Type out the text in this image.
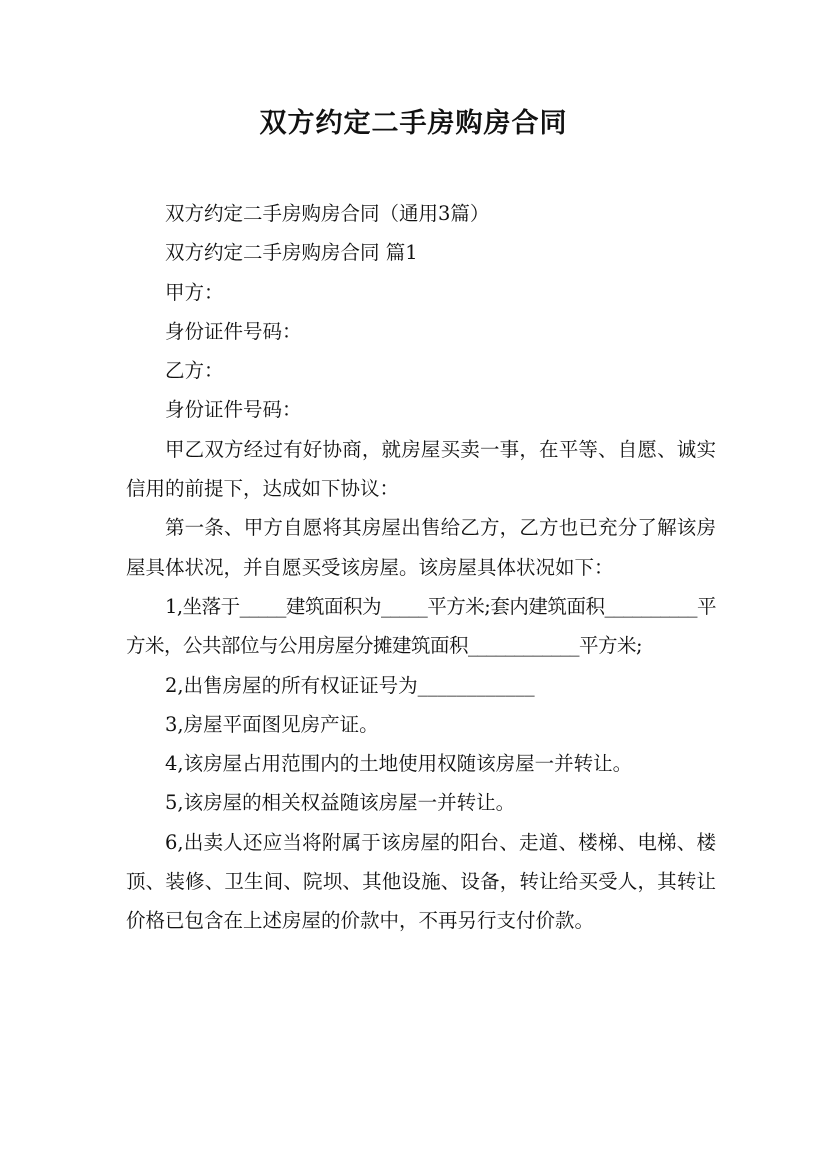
双方约定二手房购房合同

双方约定二手房购房合同（通用3篇）

双方约定二手房购房合同 篇1

甲方：

身份证件号码：

乙方：

身份证件号码：

甲乙双方经过有好协商，就房屋买卖一事，在平等、自愿、诚实信用的前提下，达成如下协议：

第一条、甲方自愿将其房屋出售给乙方，乙方也已充分了解该房屋具体状况，并自愿买受该房屋。该房屋具体状况如下：

1,坐落于_____建筑面积为_____平方米;套内建筑面积__________平方米，公共部位与公用房屋分摊建筑面积____________平方米;

2,出售房屋的所有权证证号为____________

3,房屋平面图见房产证。

4,该房屋占用范围内的土地使用权随该房屋一并转让。

5,该房屋的相关权益随该房屋一并转让。

6,出卖人还应当将附属于该房屋的阳台、走道、楼梯、电梯、楼顶、装修、卫生间、院坝、其他设施、设备，转让给买受人，其转让价格已包含在上述房屋的价款中，不再另行支付价款。
